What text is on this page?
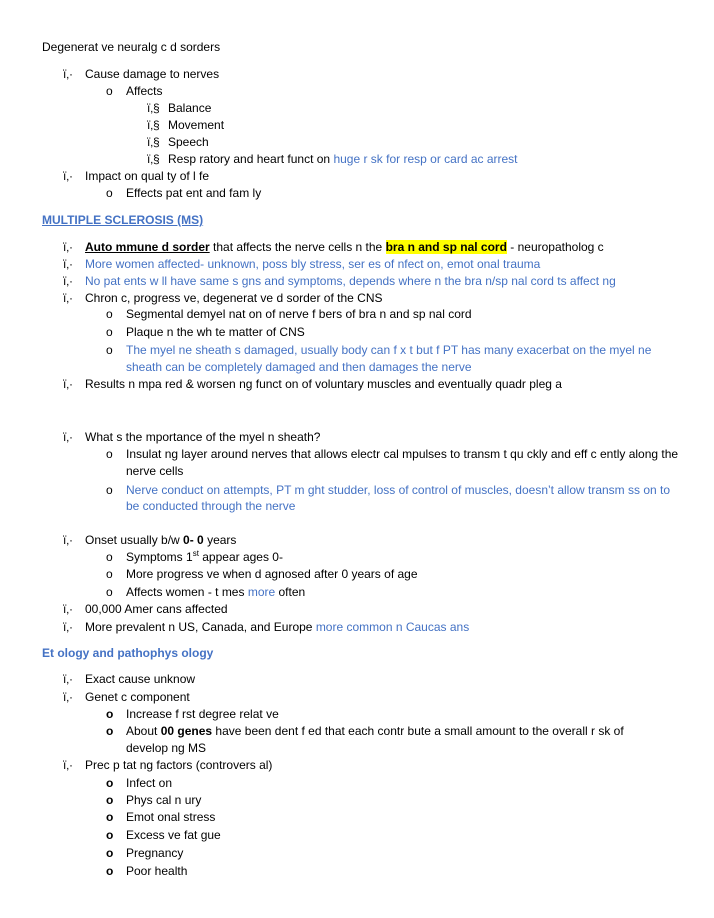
Degenerat ve neuralg c d sorders
ï‚· Cause damage to nerves
o Affects
ï‚§ Balance
ï‚§ Movement
ï‚§ Speech
ï‚§ Resp ratory and heart funct on huge r sk for resp or card ac arrest
ï‚· Impact on qual ty of l fe
o Effects pat ent and fam ly
MULTIPLE SCLEROSIS (MS)
ï‚· Auto mmune d sorder that affects the nerve cells n the bra n and sp nal cord - neuropatholog c
ï‚· More women affected- unknown, poss bly stress, ser es of nfect on, emot onal trauma
ï‚· No pat ents w ll have same s gns and symptoms, depends where n the bra n/sp nal cord ts affect ng
ï‚· Chron c, progress ve, degenerat ve d sorder of the CNS
o Segmental demyel nat on of nerve f bers of bra n and sp nal cord
o Plaque n the wh te matter of CNS
o The myel ne sheath s damaged, usually body can f x t but f PT has many exacerbat on the myel ne
sheath can be completely damaged and then damages the nerve
ï‚· Results n mpa red & worsen ng funct on of voluntary muscles and eventually quadr pleg a
ï‚· What s the mportance of the myel n sheath?
o Insulat ng layer around nerves that allows electr cal mpulses to transm t qu ckly and eff c ently along the
nerve cells
o Nerve conduct on attempts, PT m ght studder, loss of control of muscles, doesn’t allow transm ss on to
be conducted through the nerve
ï‚· Onset usually b/w 0- 0 years
o Symptoms 1st appear ages 0-
o More progress ve when d agnosed after 0 years of age
o Affects women - t mes more often
ï‚· 00,000 Amer cans affected
ï‚· More prevalent n US, Canada, and Europe more common n Caucas ans
Et ology and pathophys ology
ï‚· Exact cause unknow
ï‚· Genet c component
o Increase f rst degree relat ve
o About 00 genes have been dent f ed that each contr bute a small amount to the overall r sk of
develop ng MS
ï‚· Prec p tat ng factors (controvers al)
o Infect on
o Phys cal n ury
o Emot onal stress
o Excess ve fat gue
o Pregnancy
o Poor health
